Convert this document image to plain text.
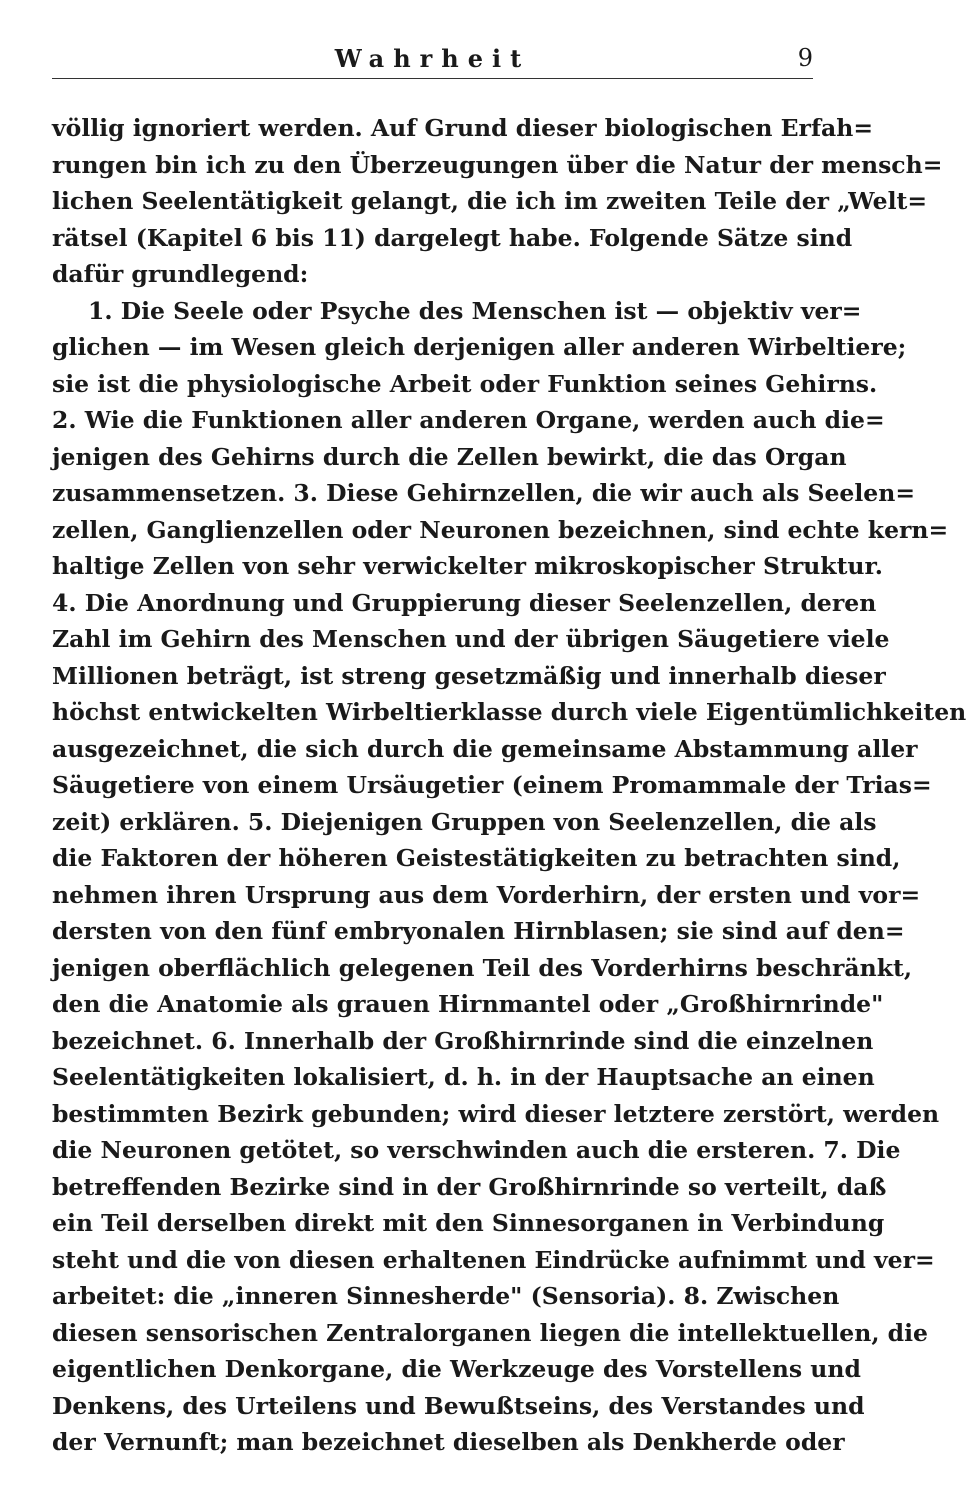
Wahrheit	9
völlig ignoriert werden. Auf Grund dieser biologischen Erfah=
rungen bin ich zu den Überzeugungen über die Natur der mensch=
lichen Seelentätigkeit gelangt, die ich im zweiten Teile der „Welt=
rätsel (Kapitel 6 bis 11) dargelegt habe. Folgende Sätze sind
dafür grundlegend:
1. Die Seele oder Psyche des Menschen ist — objektiv ver=
glichen — im Wesen gleich derjenigen aller anderen Wirbeltiere;
sie ist die physiologische Arbeit oder Funktion seines Gehirns.
2. Wie die Funktionen aller anderen Organe, werden auch die=
jenigen des Gehirns durch die Zellen bewirkt, die das Organ
zusammensetzen. 3. Diese Gehirnzellen, die wir auch als Seelen=
zellen, Ganglienzellen oder Neuronen bezeichnen, sind echte kern=
haltige Zellen von sehr verwickelter mikroskopischer Struktur.
4. Die Anordnung und Gruppierung dieser Seelenzellen, deren
Zahl im Gehirn des Menschen und der übrigen Säugetiere viele
Millionen beträgt, ist streng gesetzmäßig und innerhalb dieser
höchst entwickelten Wirbeltierklasse durch viele Eigentümlichkeiten
ausgezeichnet, die sich durch die gemeinsame Abstammung aller
Säugetiere von einem Ursäugetier (einem Promammale der Trias=
zeit) erklären. 5. Diejenigen Gruppen von Seelenzellen, die als
die Faktoren der höheren Geistestätigkeiten zu betrachten sind,
nehmen ihren Ursprung aus dem Vorderhirn, der ersten und vor=
dersten von den fünf embryonalen Hirnblasen; sie sind auf den=
jenigen oberflächlich gelegenen Teil des Vorderhirns beschränkt,
den die Anatomie als grauen Hirnmantel oder „Großhirnrinde"
bezeichnet. 6. Innerhalb der Großhirnrinde sind die einzelnen
Seelentätigkeiten lokalisiert, d. h. in der Hauptsache an einen
bestimmten Bezirk gebunden; wird dieser letztere zerstört, werden
die Neuronen getötet, so verschwinden auch die ersteren. 7. Die
betreffenden Bezirke sind in der Großhirnrinde so verteilt, daß
ein Teil derselben direkt mit den Sinnesorganen in Verbindung
steht und die von diesen erhaltenen Eindrücke aufnimmt und ver=
arbeitet: die „inneren Sinnesherde" (Sensoria). 8. Zwischen
diesen sensorischen Zentralorganen liegen die intellektuellen, die
eigentlichen Denkorgane, die Werkzeuge des Vorstellens und
Denkens, des Urteilens und Bewußtseins, des Verstandes und
der Vernunft; man bezeichnet dieselben als Denkherde oder
